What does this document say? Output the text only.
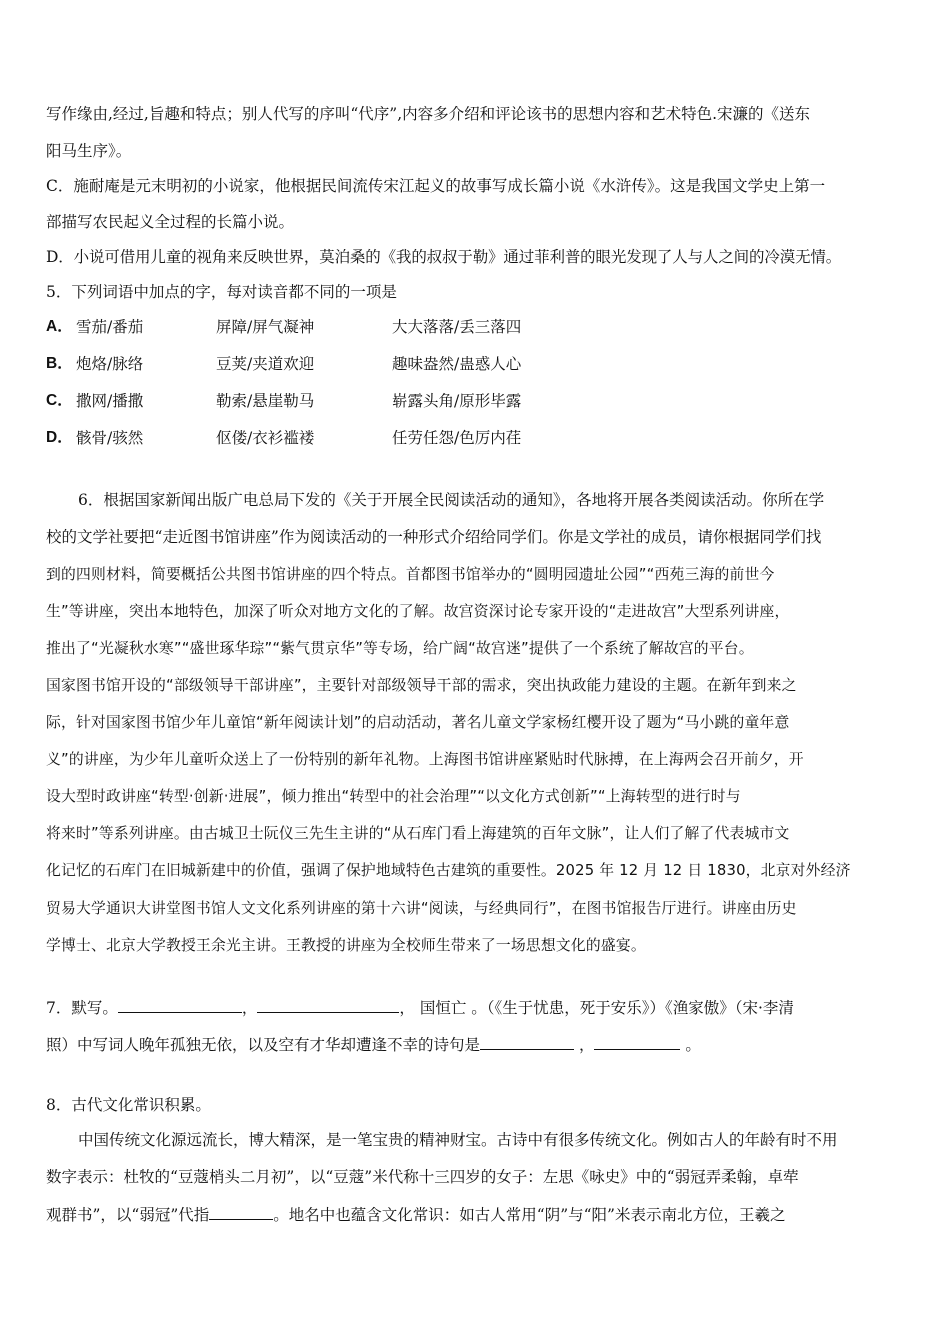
写作缘由,经过,旨趣和特点；别人代写的序叫“代序”,内容多介绍和评论该书的思想内容和艺术特色.宋濂的《送东
阳马生序》。
C．施耐庵是元末明初的小说家，他根据民间流传宋江起义的故事写成长篇小说《水浒传》。这是我国文学史上第一
部描写农民起义全过程的长篇小说。
D．小说可借用儿童的视角来反映世界，莫泊桑的《我的叔叔于勒》通过菲利普的眼光发现了人与人之间的冷漠无情。
5．下列词语中加点的字，每对读音都不同的一项是
A． 雪茄/番茄	屏障/屏气凝神	大大落落/丢三落四
B． 炮烙/脉络	豆荚/夹道欢迎	趣味盎然/蛊惑人心
C． 撒网/播撒	勒索/悬崖勒马	崭露头角/原形毕露
D． 骸骨/骇然	伛偻/衣衫褴褛	任劳任怨/色厉内荏
6．根据国家新闻出版广电总局下发的《关于开展全民阅读活动的通知》，各地将开展各类阅读活动。你所在学
校的文学社要把“走近图书馆讲座”作为阅读活动的一种形式介绍给同学们。你是文学社的成员，请你根据同学们找
到的四则材料，简要概括公共图书馆讲座的四个特点。首都图书馆举办的“圆明园遗址公园”“西苑三海的前世今
生”等讲座，突出本地特色，加深了听众对地方文化的了解。故宫资深讨论专家开设的“走进故宫”大型系列讲座，
推出了“光凝秋水寒”“盛世琢华琮”“紫气贯京华”等专场，给广阔“故宫迷”提供了一个系统了解故宫的平台。
国家图书馆开设的“部级领导干部讲座”，主要针对部级领导干部的需求，突出执政能力建设的主题。在新年到来之
际，针对国家图书馆少年儿童馆“新年阅读计划”的启动活动，著名儿童文学家杨红樱开设了题为“马小跳的童年意
义”的讲座，为少年儿童听众送上了一份特别的新年礼物。上海图书馆讲座紧贴时代脉搏，在上海两会召开前夕，开
设大型时政讲座“转型·创新·进展”，倾力推出“转型中的社会治理”“以文化方式创新”“上海转型的进行时与
将来时”等系列讲座。由古城卫士阮仪三先生主讲的“从石库门看上海建筑的百年文脉”，让人们了解了代表城市文
化记忆的石库门在旧城新建中的价值，强调了保护地域特色古建筑的重要性。2025 年 12 月 12 日 1830，北京对外经济
贸易大学通识大讲堂图书馆人文文化系列讲座的第十六讲“阅读，与经典同行”，在图书馆报告厅进行。讲座由历史
学博士、北京大学教授王余光主讲。王教授的讲座为全校师生带来了一场思想文化的盛宴。
7．默写。	，	， 国恒亡 。（《生于忧患，死于安乐》）《渔家傲》（宋·李清
照）中写词人晚年孤独无依，以及空有才华却遭逢不幸的诗句是	，	。
8．古代文化常识积累。
中国传统文化源远流长，博大精深，是一笔宝贵的精神财宝。古诗中有很多传统文化。例如古人的年龄有时不用
数字表示：杜牧的“豆蔻梢头二月初”，以“豆蔻”米代称十三四岁的女子：左思《咏史》中的“弱冠弄柔翰，卓荦
观群书”，以“弱冠”代指	。地名中也蕴含文化常识：如古人常用“阴”与“阳”米表示南北方位，王羲之
